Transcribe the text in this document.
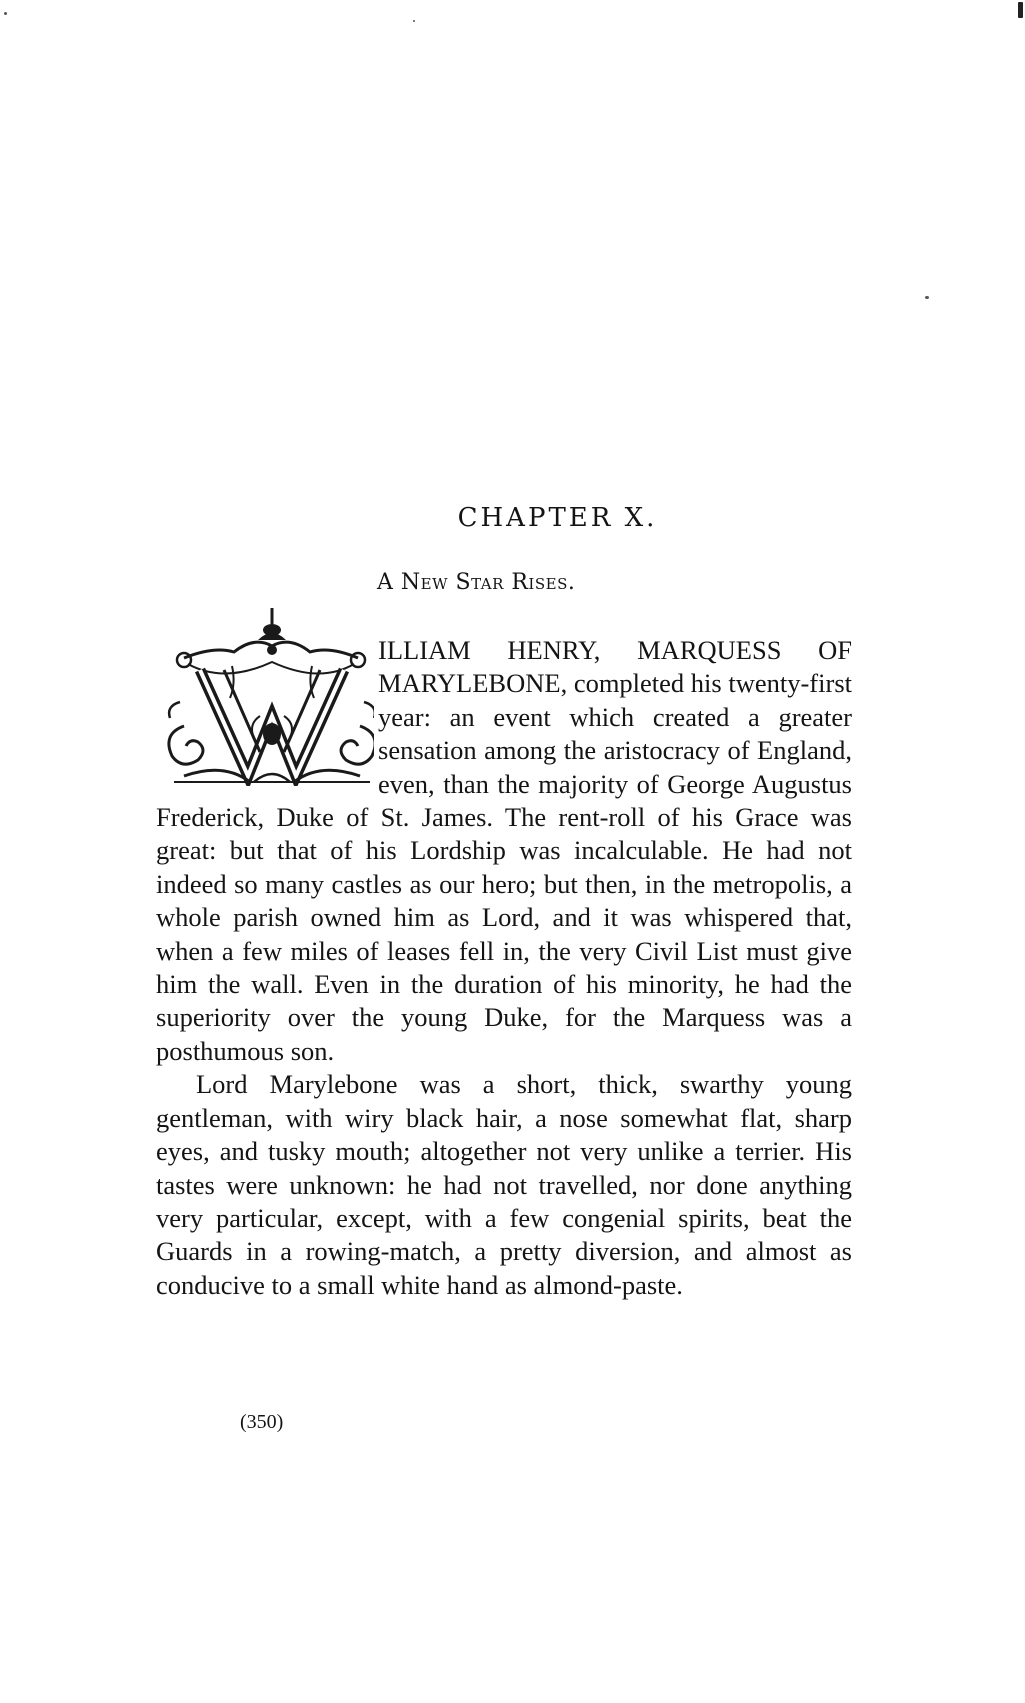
CHAPTER X.
A New Star Rises.

ILLIAM HENRY, MARQUESS OF MARYLEBONE, completed his twenty-first year: an event which created a greater sensation among the aristocracy of England, even, than the majority of George Augustus Frederick, Duke of St. James. The rent-roll of his Grace was great: but that of his Lordship was incalculable. He had not indeed so many castles as our hero; but then, in the metropolis, a whole parish owned him as Lord, and it was whispered that, when a few miles of leases fell in, the very Civil List must give him the wall. Even in the duration of his minority, he had the superiority over the young Duke, for the Marquess was a posthumous son.

Lord Marylebone was a short, thick, swarthy young gentleman, with wiry black hair, a nose somewhat flat, sharp eyes, and tusky mouth; altogether not very unlike a terrier. His tastes were unknown: he had not travelled, nor done anything very particular, except, with a few congenial spirits, beat the Guards in a rowing-match, a pretty diversion, and almost as conducive to a small white hand as almond-paste.

(350)
